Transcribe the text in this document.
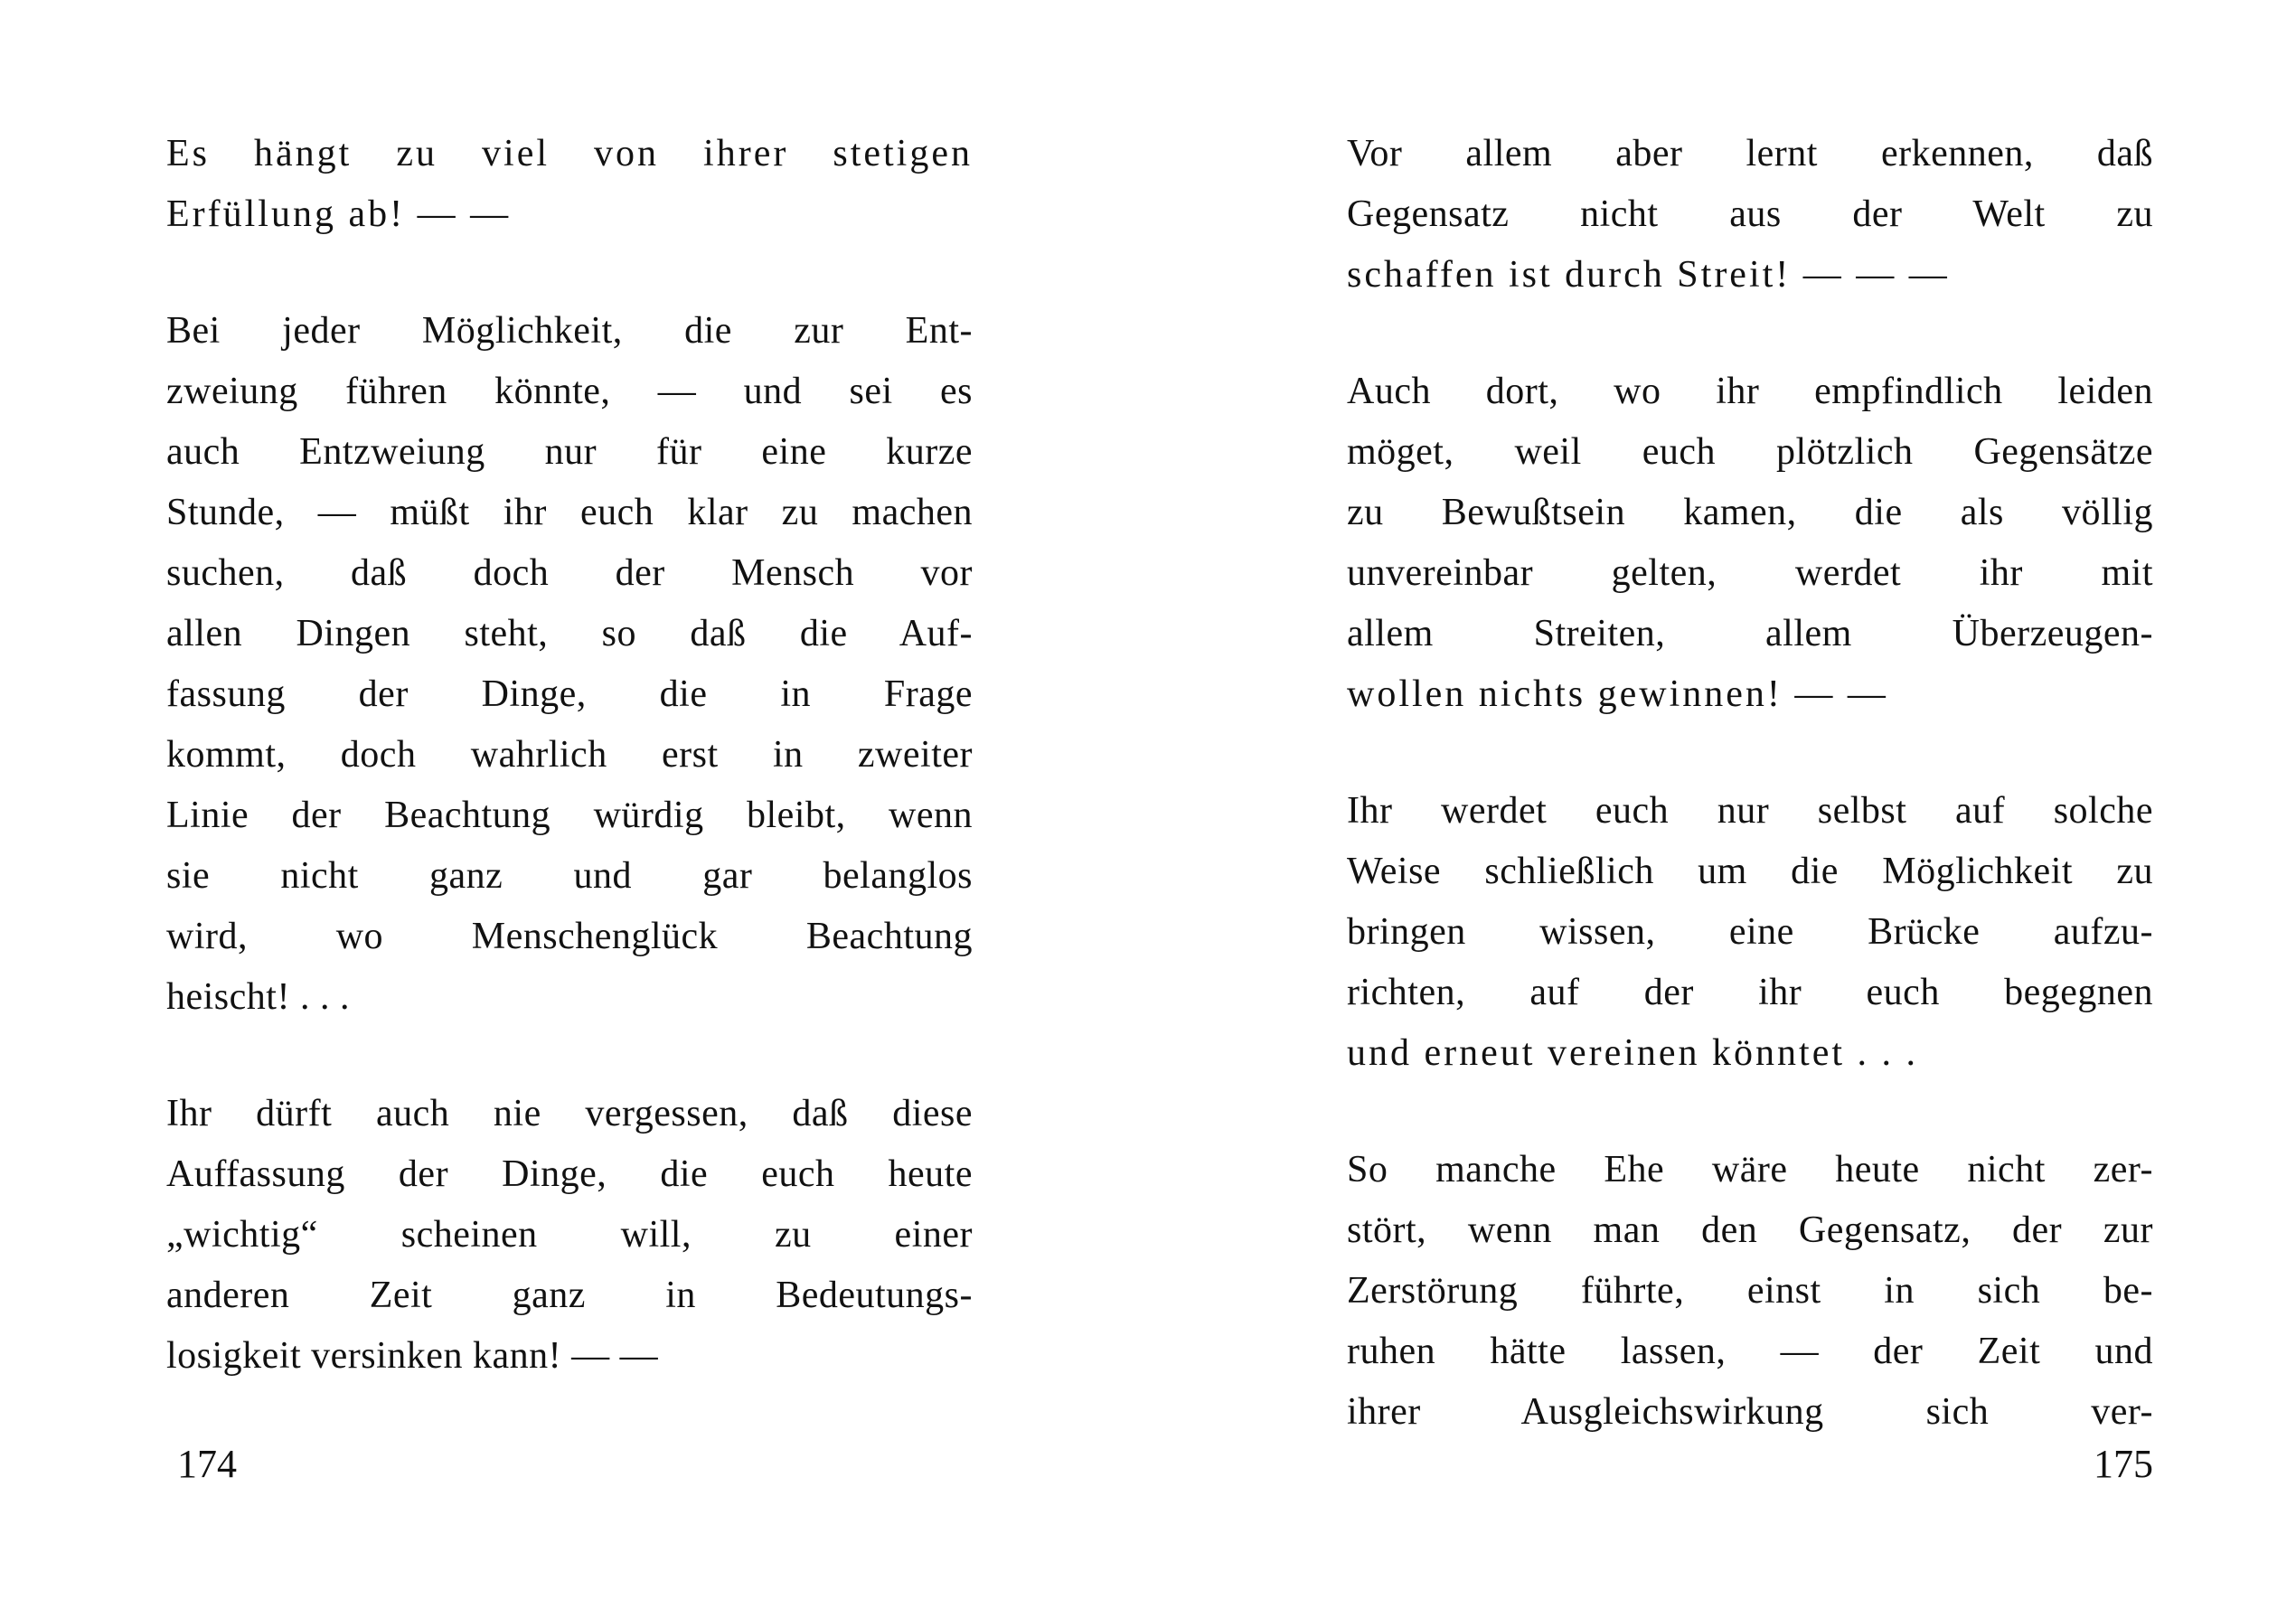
Es hängt zu viel von ihrer stetigen
Erfüllung ab! — —

Bei jeder Möglichkeit, die zur Ent-
zweiung führen könnte, — und sei es
auch Entzweiung nur für eine kurze
Stunde, — müßt ihr euch klar zu machen
suchen, daß doch der Mensch vor
allen Dingen steht, so daß die Auf-
fassung der Dinge, die in Frage
kommt, doch wahrlich erst in zweiter
Linie der Beachtung würdig bleibt, wenn
sie nicht ganz und gar belanglos
wird, wo Menschenglück Beachtung
heischt! . . .

Ihr dürft auch nie vergessen, daß diese
Auffassung der Dinge, die euch heute
„wichtig“ scheinen will, zu einer
anderen Zeit ganz in Bedeutungs-
losigkeit versinken kann! — —

174

Vor allem aber lernt erkennen, daß
Gegensatz nicht aus der Welt zu
schaffen ist durch Streit! — — —

Auch dort, wo ihr empfindlich leiden
möget, weil euch plötzlich Gegensätze
zu Bewußtsein kamen, die als völlig
unvereinbar gelten, werdet ihr mit
allem Streiten, allem Überzeugen-
wollen nichts gewinnen! — —

Ihr werdet euch nur selbst auf solche
Weise schließlich um die Möglichkeit zu
bringen wissen, eine Brücke aufzu-
richten, auf der ihr euch begegnen
und erneut vereinen könntet . . .

So manche Ehe wäre heute nicht zer-
stört, wenn man den Gegensatz, der zur
Zerstörung führte, einst in sich be-
ruhen hätte lassen, — der Zeit und
ihrer Ausgleichswirkung sich ver-

175
